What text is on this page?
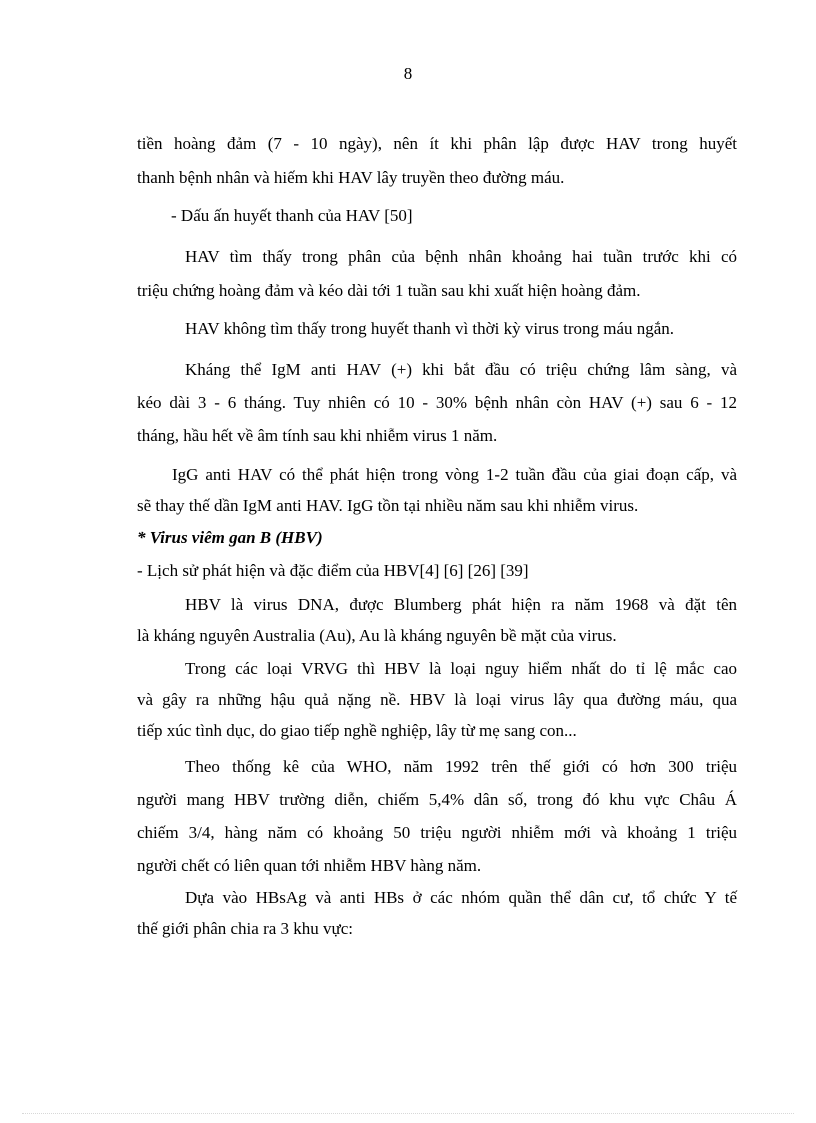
8
tiền hoàng đảm (7 - 10 ngày), nên ít khi phân lập được HAV trong huyết
thanh bệnh nhân và hiếm khi HAV lây truyền theo đường máu.
- Dấu ấn huyết thanh của HAV [50]
HAV tìm thấy trong phân của bệnh nhân khoảng hai tuần trước khi có
triệu chứng hoàng đảm và kéo dài tới 1 tuần sau khi xuất hiện hoàng đảm.
HAV không tìm thấy trong huyết thanh vì thời kỳ virus trong máu ngắn.
Kháng thể IgM anti HAV (+) khi bắt đầu có triệu chứng lâm sàng, và
kéo dài 3 - 6 tháng. Tuy nhiên có 10 - 30% bệnh nhân còn HAV (+) sau 6 - 12
tháng, hầu hết về âm tính sau khi nhiễm virus 1 năm.
IgG anti HAV có thể phát hiện trong vòng 1-2 tuần đầu của giai đoạn cấp, và
sẽ thay thế dần IgM anti HAV. IgG tồn tại nhiều năm sau khi nhiễm virus.
* Virus viêm gan B (HBV)
- Lịch sử phát hiện và đặc điểm của HBV[4] [6] [26] [39]
HBV là virus DNA, được Blumberg phát hiện ra năm 1968 và đặt tên
là kháng nguyên Australia (Au), Au là kháng nguyên bề mặt của virus.
Trong các loại VRVG thì HBV là loại nguy hiểm nhất do tỉ lệ mắc cao
và gây ra những hậu quả nặng nề. HBV là loại virus lây qua đường máu, qua
tiếp xúc tình dục, do giao tiếp nghề nghiệp, lây từ mẹ sang con...
Theo thống kê của WHO, năm 1992 trên thế giới có hơn 300 triệu
người mang HBV trường diễn, chiếm 5,4% dân số, trong đó khu vực Châu Á
chiếm 3/4, hàng năm có khoảng 50 triệu người nhiễm mới và khoảng 1 triệu
người chết có liên quan tới nhiễm HBV hàng năm.
Dựa vào HBsAg và anti HBs ở các nhóm quần thể dân cư, tổ chức Y tế
thế giới phân chia ra 3 khu vực:
